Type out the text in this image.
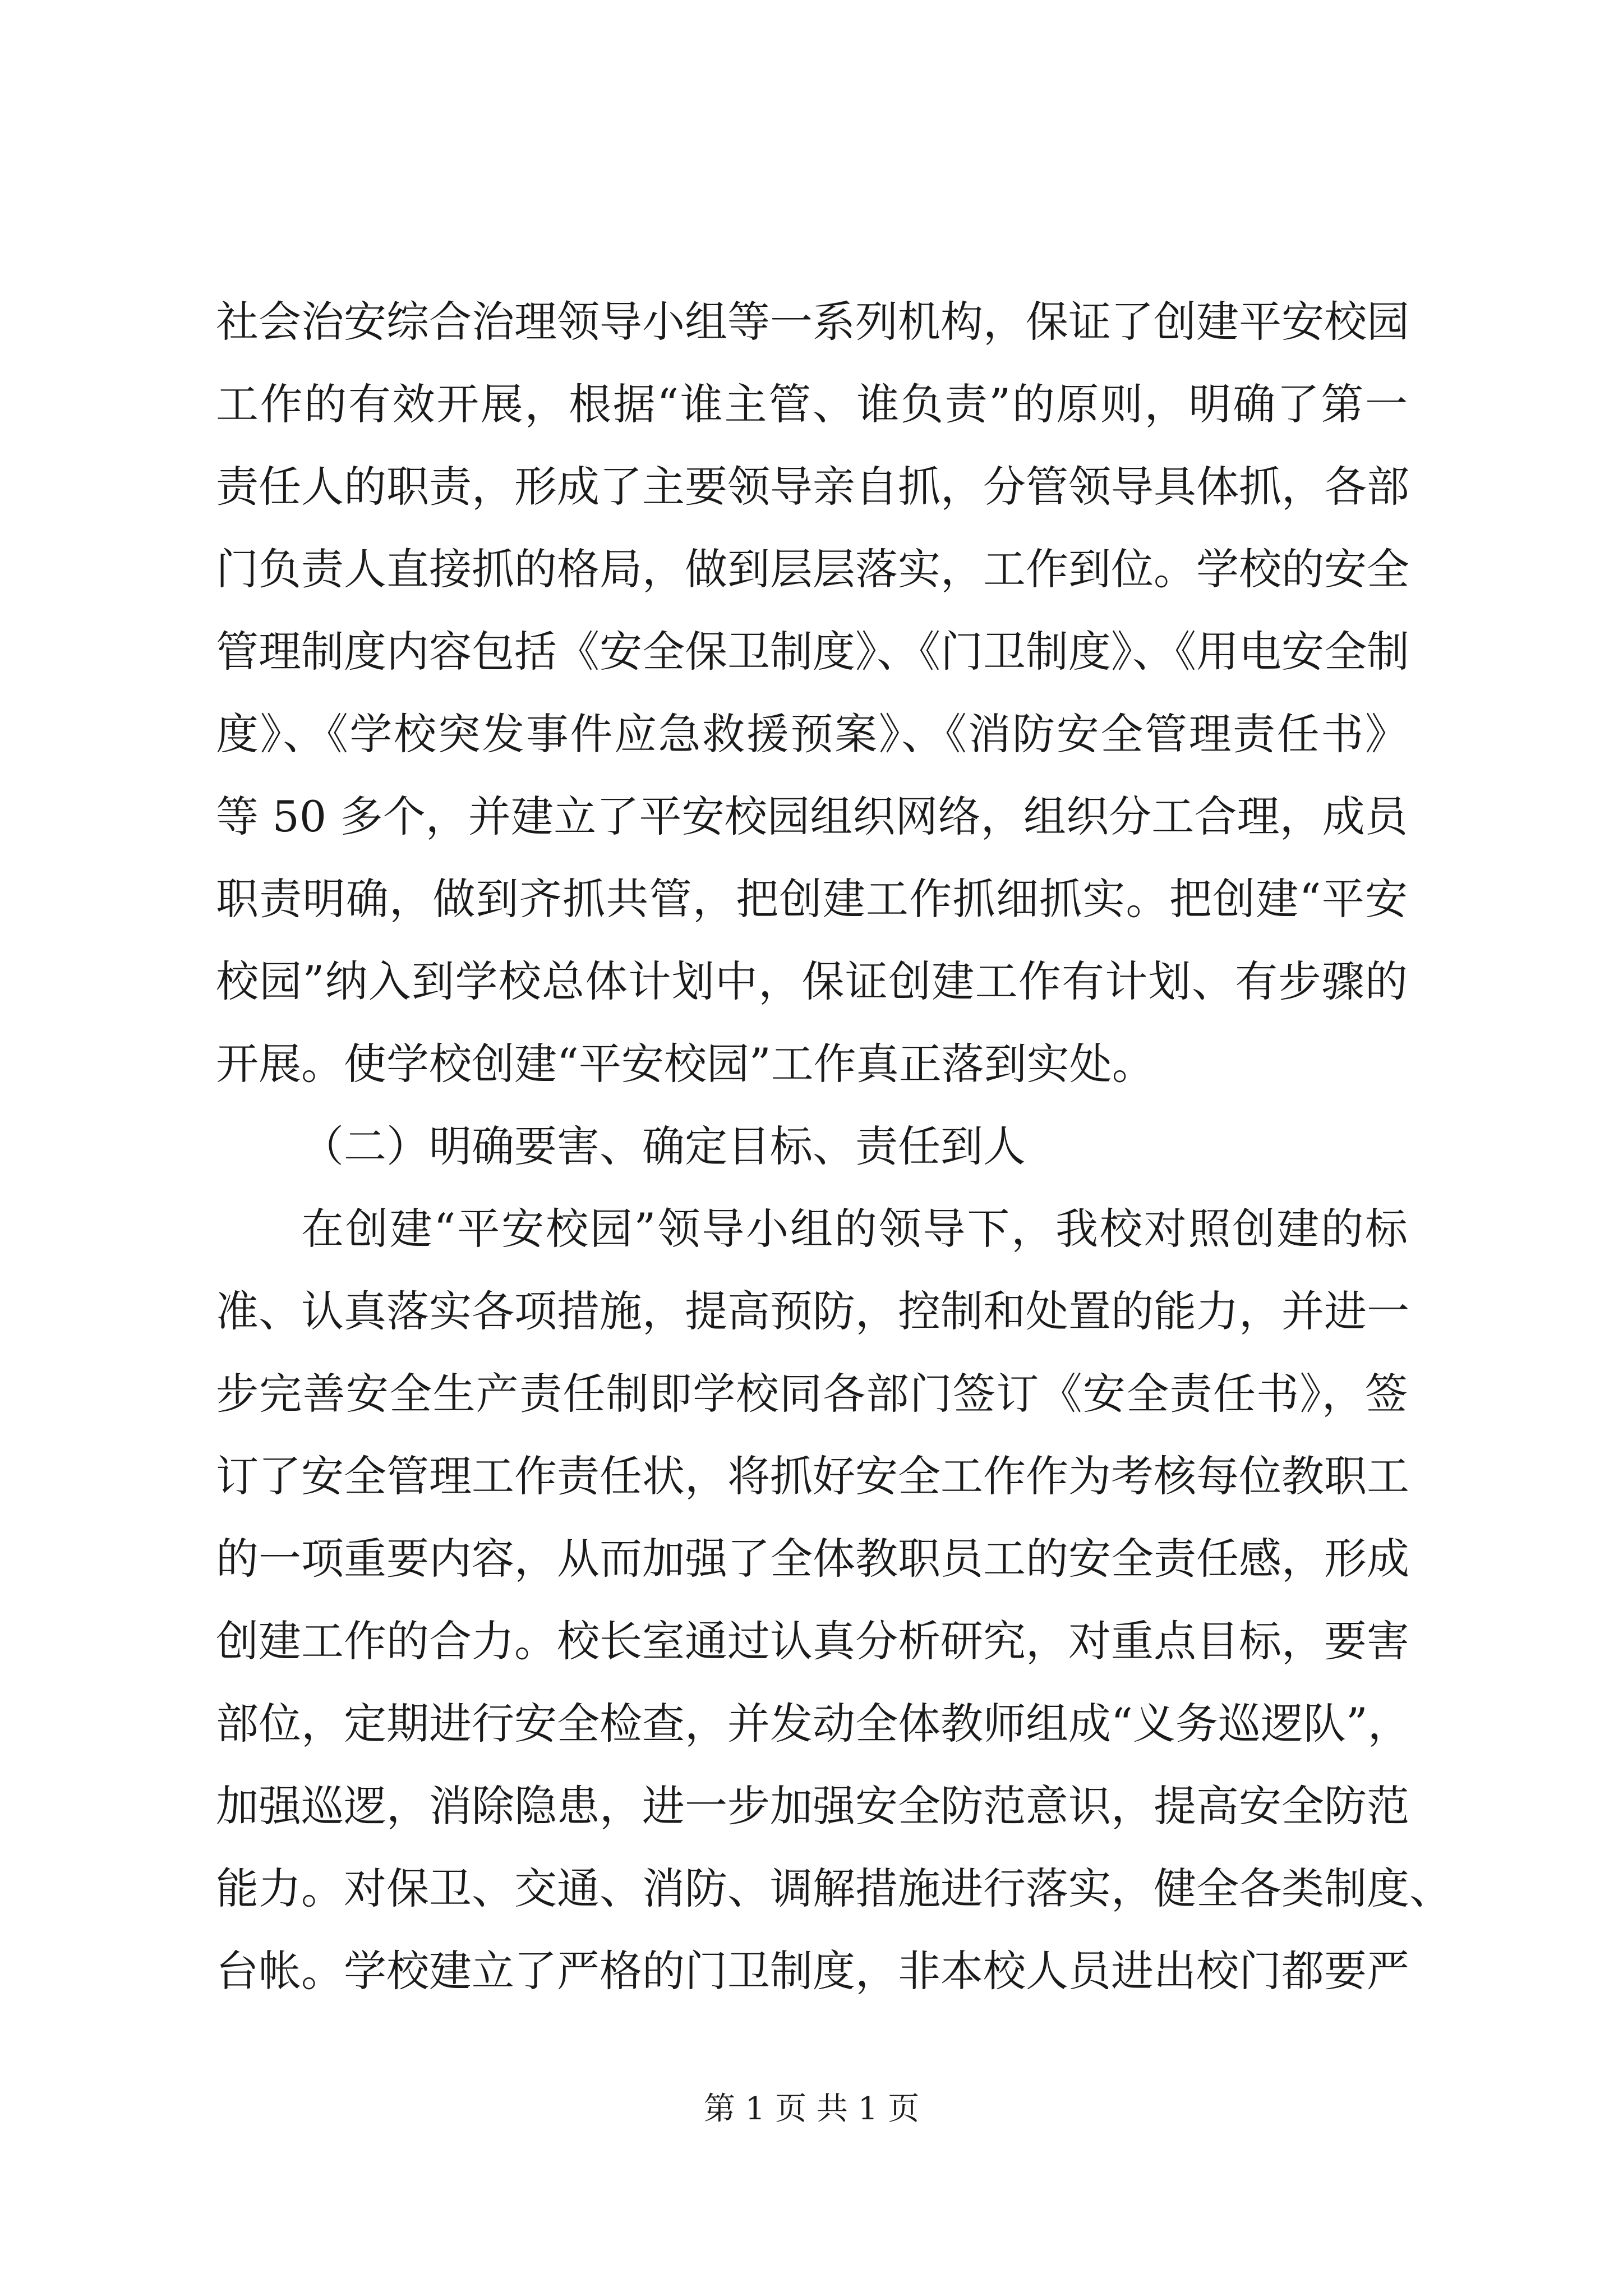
社会治安综合治理领导小组等一系列机构，保证了创建平安校园
工作的有效开展，根据“谁主管、谁负责”的原则，明确了第一
责任人的职责，形成了主要领导亲自抓，分管领导具体抓，各部
门负责人直接抓的格局，做到层层落实，工作到位。学校的安全
管理制度内容包括《安全保卫制度》、《门卫制度》、《用电安全制
度》、《学校突发事件应急救援预案》、《消防安全管理责任书》
等 50 多个，并建立了平安校园组织网络，组织分工合理，成员
职责明确，做到齐抓共管，把创建工作抓细抓实。把创建“平安
校园”纳入到学校总体计划中，保证创建工作有计划、有步骤的
开展。使学校创建“平安校园”工作真正落到实处。
（二）明确要害、确定目标、责任到人
在创建“平安校园”领导小组的领导下，我校对照创建的标
准、认真落实各项措施，提高预防，控制和处置的能力，并进一
步完善安全生产责任制即学校同各部门签订《安全责任书》，签
订了安全管理工作责任状，将抓好安全工作作为考核每位教职工
的一项重要内容，从而加强了全体教职员工的安全责任感，形成
创建工作的合力。校长室通过认真分析研究，对重点目标，要害
部位，定期进行安全检查，并发动全体教师组成“义务巡逻队”，
加强巡逻，消除隐患，进一步加强安全防范意识，提高安全防范
能力。对保卫、交通、消防、调解措施进行落实，健全各类制度、
台帐。学校建立了严格的门卫制度，非本校人员进出校门都要严
第 1 页 共 1 页
